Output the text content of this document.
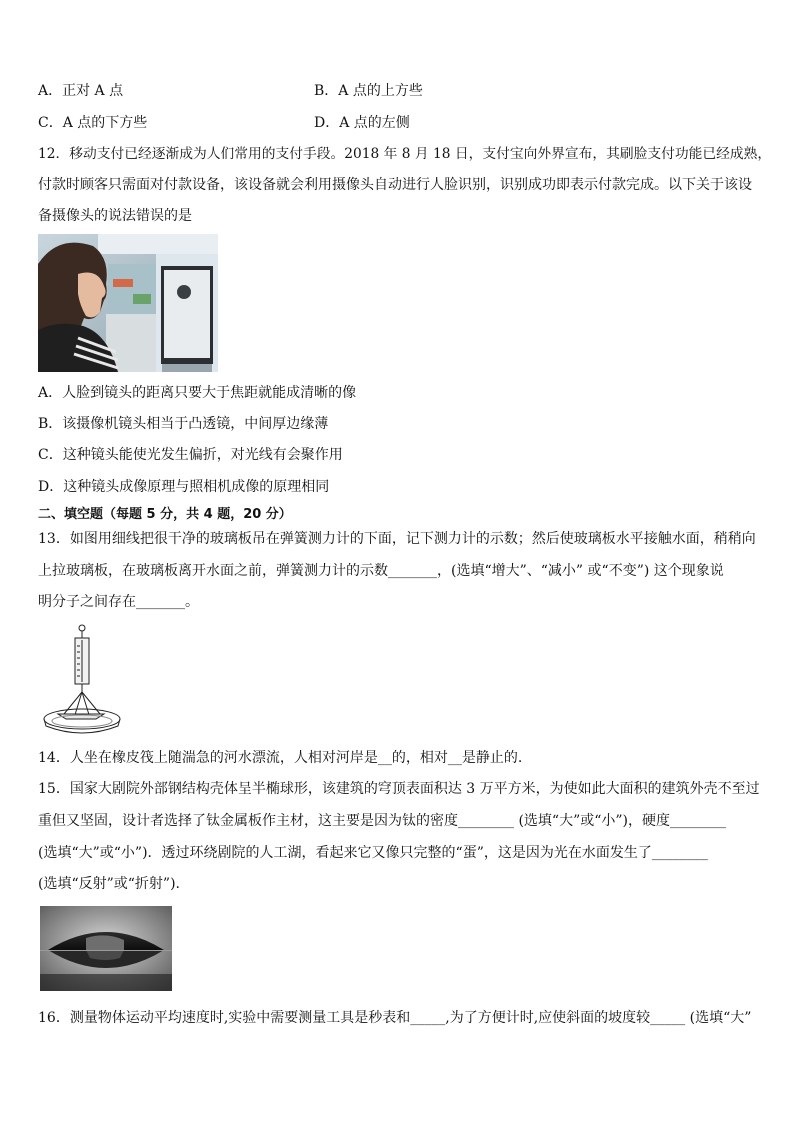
A．正对 A 点	B．A 点的上方些
C．A 点的下方些	D．A 点的左侧
12．移动支付已经逐渐成为人们常用的支付手段。2018 年 8 月 18 日，支付宝向外界宣布，其刷脸支付功能已经成熟，
付款时顾客只需面对付款设备，该设备就会利用摄像头自动进行人脸识别，识别成功即表示付款完成。以下关于该设
备摄像头的说法错误的是
A．人脸到镜头的距离只要大于焦距就能成清晰的像
B．该摄像机镜头相当于凸透镜，中间厚边缘薄
C．这种镜头能使光发生偏折，对光线有会聚作用
D．这种镜头成像原理与照相机成像的原理相同
二、填空题（每题 5 分，共 4 题，20 分）
13．如图用细线把很干净的玻璃板吊在弹簧测力计的下面，记下测力计的示数；然后使玻璃板水平接触水面，稍稍向
上拉玻璃板，在玻璃板离开水面之前，弹簧测力计的示数_______，(选填“增大”、“减小” 或“不变”) 这个现象说
明分子之间存在_______。
14．人坐在橡皮筏上随湍急的河水漂流，人相对河岸是__的，相对__是静止的.
15．国家大剧院外部钢结构壳体呈半椭球形，该建筑的穹顶表面积达 3 万平方米，为使如此大面积的建筑外壳不至过
重但又坚固，设计者选择了钛金属板作主材，这主要是因为钛的密度________ (选填“大”或“小”)，硬度________
(选填“大”或“小”)．透过环绕剧院的人工湖，看起来它又像只完整的“蛋”，这是因为光在水面发生了________
(选填“反射”或“折射”).
16．测量物体运动平均速度时,实验中需要测量工具是秒表和_____,为了方便计时,应使斜面的坡度较_____ (选填“大”
